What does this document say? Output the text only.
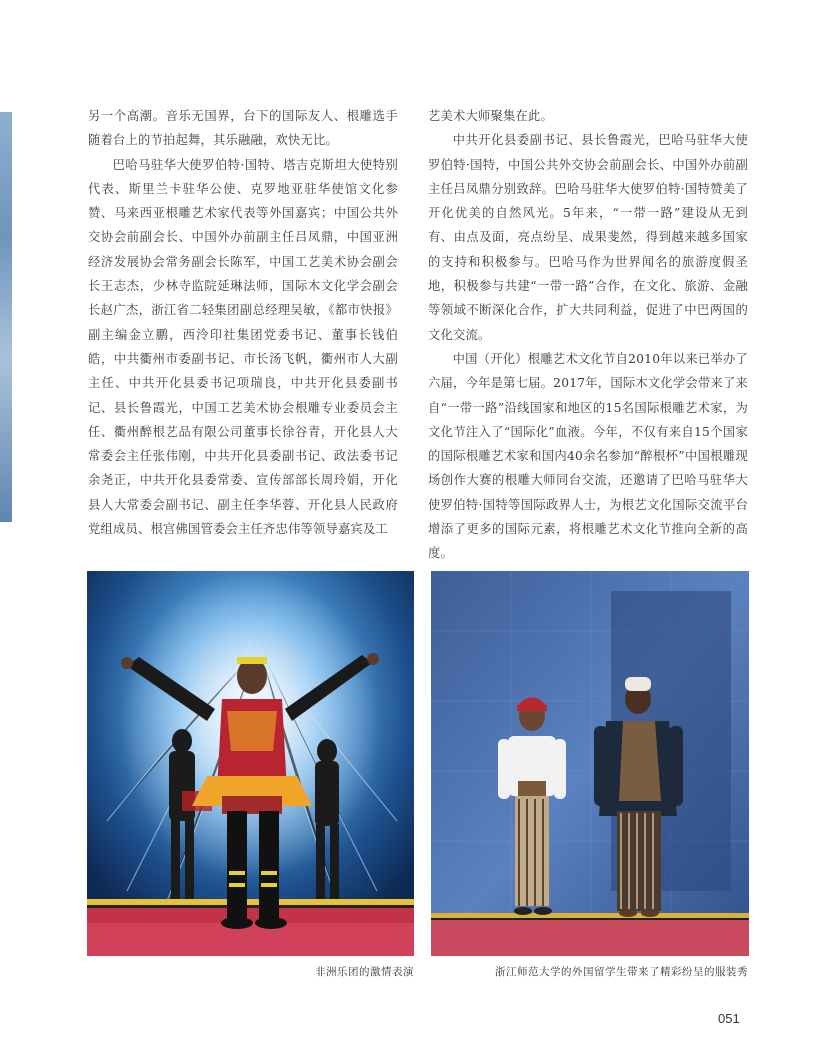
另一个高潮。音乐无国界，台下的国际友人、根雕选手随着台上的节拍起舞，其乐融融，欢快无比。

巴哈马驻华大使罗伯特·国特、塔吉克斯坦大使特别代表、斯里兰卡驻华公使、克罗地亚驻华使馆文化参赞、马来西亚根雕艺术家代表等外国嘉宾；中国公共外交协会前副会长、中国外办前副主任吕凤鼎，中国亚洲经济发展协会常务副会长陈军，中国工艺美术协会副会长王志杰，少林寺监院延琳法师，国际木文化学会副会长赵广杰，浙江省二轻集团副总经理吴敏，《都市快报》副主编金立鹏，西泠印社集团党委书记、董事长钱伯皓，中共衢州市委副书记、市长汤飞帆，衢州市人大副主任、中共开化县委书记项瑞良，中共开化县委副书记、县长鲁霞光，中国工艺美术协会根雕专业委员会主任、衢州醉根艺品有限公司董事长徐谷青，开化县人大常委会主任张伟刚，中共开化县委副书记、政法委书记余尧正，中共开化县委常委、宣传部部长周玲娟，开化县人大常委会副书记、副主任李华蓉、开化县人民政府党组成员、根宫佛国管委会主任齐忠伟等领导嘉宾及工

艺美术大师聚集在此。

中共开化县委副书记、县长鲁霞光，巴哈马驻华大使罗伯特·国特，中国公共外交协会前副会长、中国外办前副主任吕凤鼎分别致辞。巴哈马驻华大使罗伯特·国特赞美了开化优美的自然风光。5年来，“一带一路”建设从无到有、由点及面，亮点纷呈、成果斐然，得到越来越多国家的支持和积极参与。巴哈马作为世界闻名的旅游度假圣地，积极参与共建“一带一路”合作，在文化、旅游、金融等领域不断深化合作，扩大共同利益，促进了中巴两国的文化交流。

中国（开化）根雕艺术文化节自2010年以来已举办了六届，今年是第七届。2017年，国际木文化学会带来了来自“一带一路”沿线国家和地区的15名国际根雕艺术家，为文化节注入了“国际化”血液。今年，不仅有来自15个国家的国际根雕艺术家和国内40余名参加“醉根杯”中国根雕现场创作大赛的根雕大师同台交流，还邀请了巴哈马驻华大使罗伯特·国特等国际政界人士，为根艺文化国际交流平台增添了更多的国际元素，将根雕艺术文化节推向全新的高度。

非洲乐团的激情表演	浙江师范大学的外国留学生带来了精彩纷呈的服装秀
051
